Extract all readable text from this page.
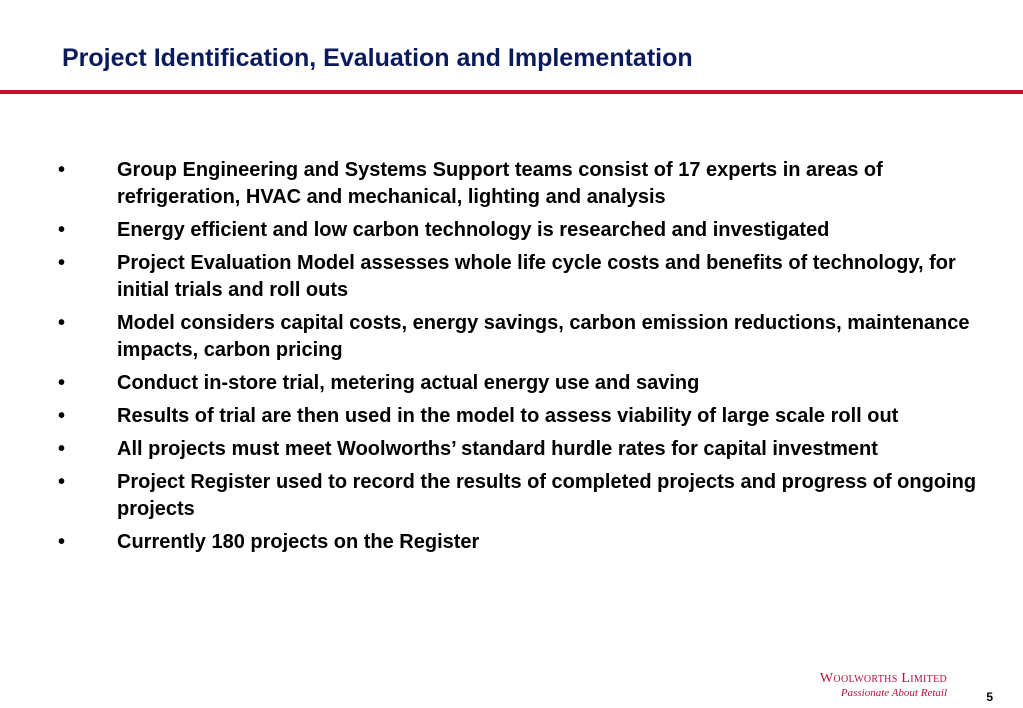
Project Identification, Evaluation and Implementation
•	Group Engineering and Systems Support teams consist of 17 experts in areas of refrigeration, HVAC and mechanical, lighting and analysis
•	Energy efficient and low carbon technology is researched and investigated
•	Project Evaluation Model assesses whole life cycle costs and benefits of technology, for initial trials and roll outs
•	Model considers capital costs, energy savings, carbon emission reductions, maintenance impacts, carbon pricing
•	Conduct in-store trial, metering actual energy use and saving
•	Results of trial are then used in the model to assess viability of large scale roll out
•	All projects must meet Woolworths’ standard hurdle rates for capital investment
•	Project Register used to record the results of completed projects and progress of ongoing projects
•	Currently 180 projects on the Register
Woolworths Limited
Passionate About Retail	5
